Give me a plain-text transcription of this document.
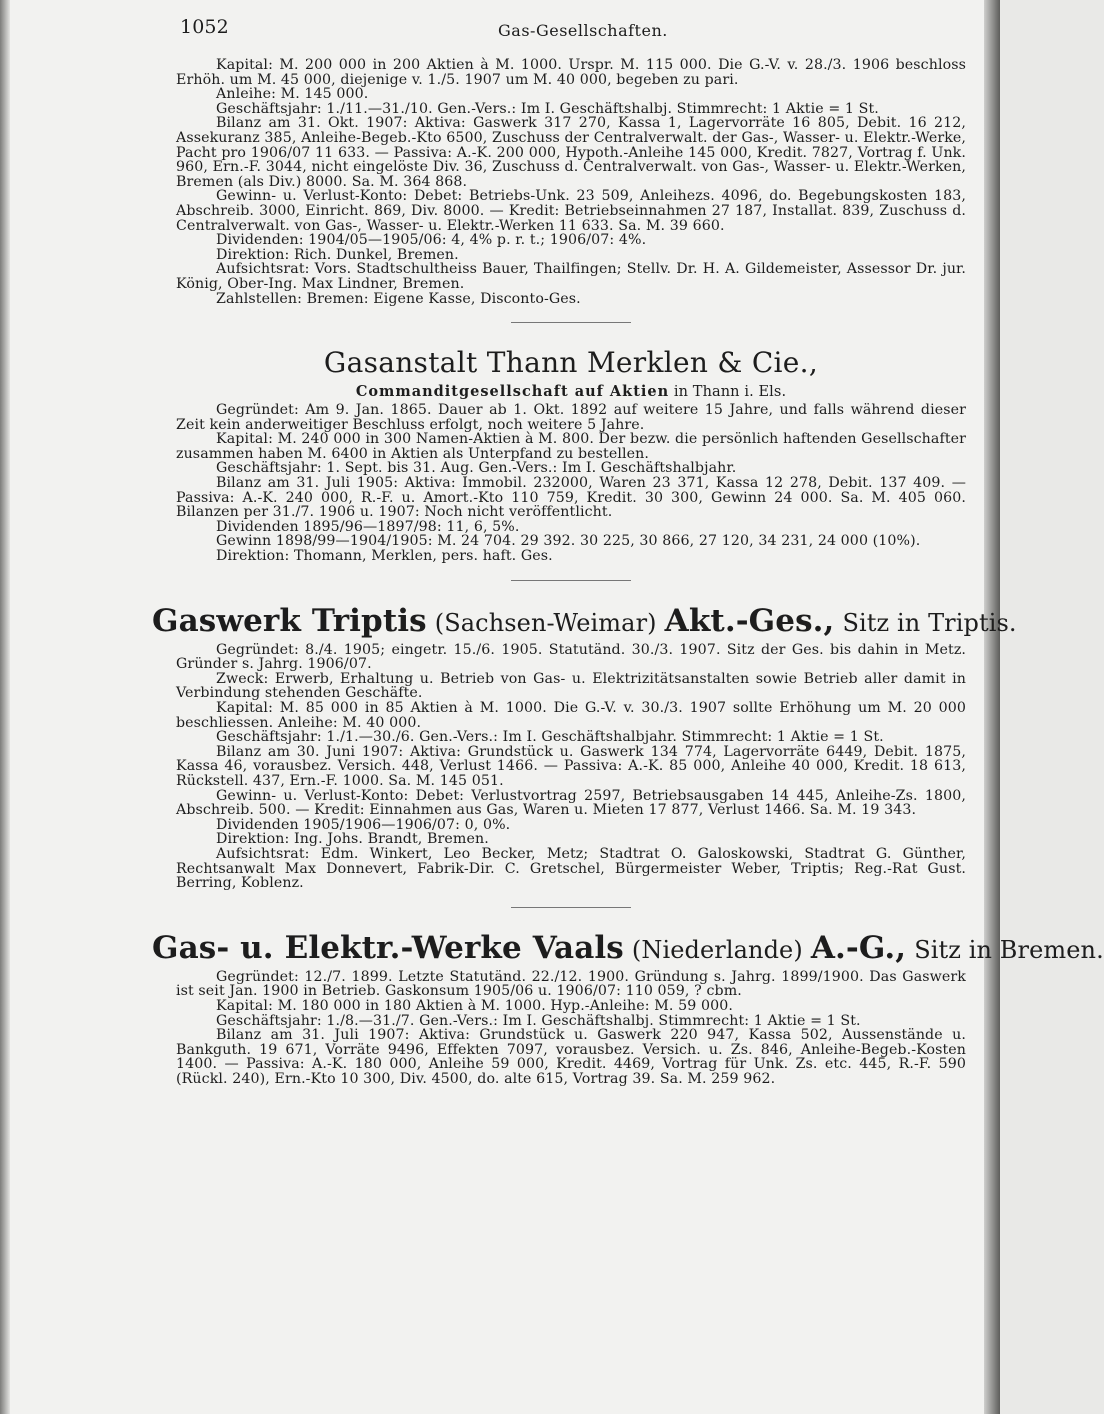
1052	Gas-Gesellschaften.

Kapital: M. 200 000 in 200 Aktien à M. 1000. Urspr. M. 115 000. Die G.-V. v. 28./3. 1906 beschloss Erhöh. um M. 45 000, diejenige v. 1./5. 1907 um M. 40 000, begeben zu pari.

Anleihe: M. 145 000.

Geschäftsjahr: 1./11.—31./10. Gen.-Vers.: Im I. Geschäftshalbj. Stimmrecht: 1 Aktie = 1 St.

Bilanz am 31. Okt. 1907: Aktiva: Gaswerk 317 270, Kassa 1, Lagervorräte 16 805, Debit. 16 212, Assekuranz 385, Anleihe-Begeb.-Kto 6500, Zuschuss der Centralverwalt. der Gas-, Wasser- u. Elektr.-Werke, Pacht pro 1906/07 11 633. — Passiva: A.-K. 200 000, Hypoth.-Anleihe 145 000, Kredit. 7827, Vortrag f. Unk. 960, Ern.-F. 3044, nicht eingelöste Div. 36, Zuschuss d. Centralverwalt. von Gas-, Wasser- u. Elektr.-Werken, Bremen (als Div.) 8000. Sa. M. 364 868.

Gewinn- u. Verlust-Konto: Debet: Betriebs-Unk. 23 509, Anleihezs. 4096, do. Begebungskosten 183, Abschreib. 3000, Einricht. 869, Div. 8000. — Kredit: Betriebseinnahmen 27 187, Installat. 839, Zuschuss d. Centralverwalt. von Gas-, Wasser- u. Elektr.-Werken 11 633. Sa. M. 39 660.

Dividenden: 1904/05—1905/06: 4, 4% p. r. t.; 1906/07: 4%.

Direktion: Rich. Dunkel, Bremen.

Aufsichtsrat: Vors. Stadtschultheiss Bauer, Thailfingen; Stellv. Dr. H. A. Gildemeister, Assessor Dr. jur. König, Ober-Ing. Max Lindner, Bremen.

Zahlstellen: Bremen: Eigene Kasse, Disconto-Ges.

Gasanstalt Thann Merklen & Cie.,
Commanditgesellschaft auf Aktien in Thann i. Els.

Gegründet: Am 9. Jan. 1865. Dauer ab 1. Okt. 1892 auf weitere 15 Jahre, und falls während dieser Zeit kein anderweitiger Beschluss erfolgt, noch weitere 5 Jahre.

Kapital: M. 240 000 in 300 Namen-Aktien à M. 800. Der bezw. die persönlich haftenden Gesellschafter zusammen haben M. 6400 in Aktien als Unterpfand zu bestellen.

Geschäftsjahr: 1. Sept. bis 31. Aug. Gen.-Vers.: Im I. Geschäftshalbjahr.

Bilanz am 31. Juli 1905: Aktiva: Immobil. 232000, Waren 23 371, Kassa 12 278, Debit. 137 409. — Passiva: A.-K. 240 000, R.-F. u. Amort.-Kto 110 759, Kredit. 30 300, Gewinn 24 000. Sa. M. 405 060. Bilanzen per 31./7. 1906 u. 1907: Noch nicht veröffentlicht.

Dividenden 1895/96—1897/98: 11, 6, 5%.

Gewinn 1898/99—1904/1905: M. 24 704. 29 392. 30 225, 30 866, 27 120, 34 231, 24 000 (10%).

Direktion: Thomann, Merklen, pers. haft. Ges.

Gaswerk Triptis (Sachsen-Weimar) Akt.-Ges., Sitz in Triptis.

Gegründet: 8./4. 1905; eingetr. 15./6. 1905. Statutänd. 30./3. 1907. Sitz der Ges. bis dahin in Metz. Gründer s. Jahrg. 1906/07.

Zweck: Erwerb, Erhaltung u. Betrieb von Gas- u. Elektrizitätsanstalten sowie Betrieb aller damit in Verbindung stehenden Geschäfte.

Kapital: M. 85 000 in 85 Aktien à M. 1000. Die G.-V. v. 30./3. 1907 sollte Erhöhung um M. 20 000 beschliessen. Anleihe: M. 40 000.

Geschäftsjahr: 1./1.—30./6. Gen.-Vers.: Im I. Geschäftshalbjahr. Stimmrecht: 1 Aktie = 1 St.

Bilanz am 30. Juni 1907: Aktiva: Grundstück u. Gaswerk 134 774, Lagervorräte 6449, Debit. 1875, Kassa 46, vorausbez. Versich. 448, Verlust 1466. — Passiva: A.-K. 85 000, Anleihe 40 000, Kredit. 18 613, Rückstell. 437, Ern.-F. 1000. Sa. M. 145 051.

Gewinn- u. Verlust-Konto: Debet: Verlustvortrag 2597, Betriebsausgaben 14 445, Anleihe-Zs. 1800, Abschreib. 500. — Kredit: Einnahmen aus Gas, Waren u. Mieten 17 877, Verlust 1466. Sa. M. 19 343.

Dividenden 1905/1906—1906/07: 0, 0%.

Direktion: Ing. Johs. Brandt, Bremen.

Aufsichtsrat: Edm. Winkert, Leo Becker, Metz; Stadtrat O. Galoskowski, Stadtrat G. Günther, Rechtsanwalt Max Donnevert, Fabrik-Dir. C. Gretschel, Bürgermeister Weber, Triptis; Reg.-Rat Gust. Berring, Koblenz.

Gas- u. Elektr.-Werke Vaals (Niederlande) A.-G., Sitz in Bremen.

Gegründet: 12./7. 1899. Letzte Statutänd. 22./12. 1900. Gründung s. Jahrg. 1899/1900. Das Gaswerk ist seit Jan. 1900 in Betrieb. Gaskonsum 1905/06 u. 1906/07: 110 059, ? cbm.

Kapital: M. 180 000 in 180 Aktien à M. 1000. Hyp.-Anleihe: M. 59 000.

Geschäftsjahr: 1./8.—31./7. Gen.-Vers.: Im I. Geschäftshalbj. Stimmrecht: 1 Aktie = 1 St.

Bilanz am 31. Juli 1907: Aktiva: Grundstück u. Gaswerk 220 947, Kassa 502, Aussenstände u. Bankguth. 19 671, Vorräte 9496, Effekten 7097, vorausbez. Versich. u. Zs. 846, Anleihe-Begeb.-Kosten 1400. — Passiva: A.-K. 180 000, Anleihe 59 000, Kredit. 4469, Vortrag für Unk. Zs. etc. 445, R.-F. 590 (Rückl. 240), Ern.-Kto 10 300, Div. 4500, do. alte 615, Vortrag 39. Sa. M. 259 962.
